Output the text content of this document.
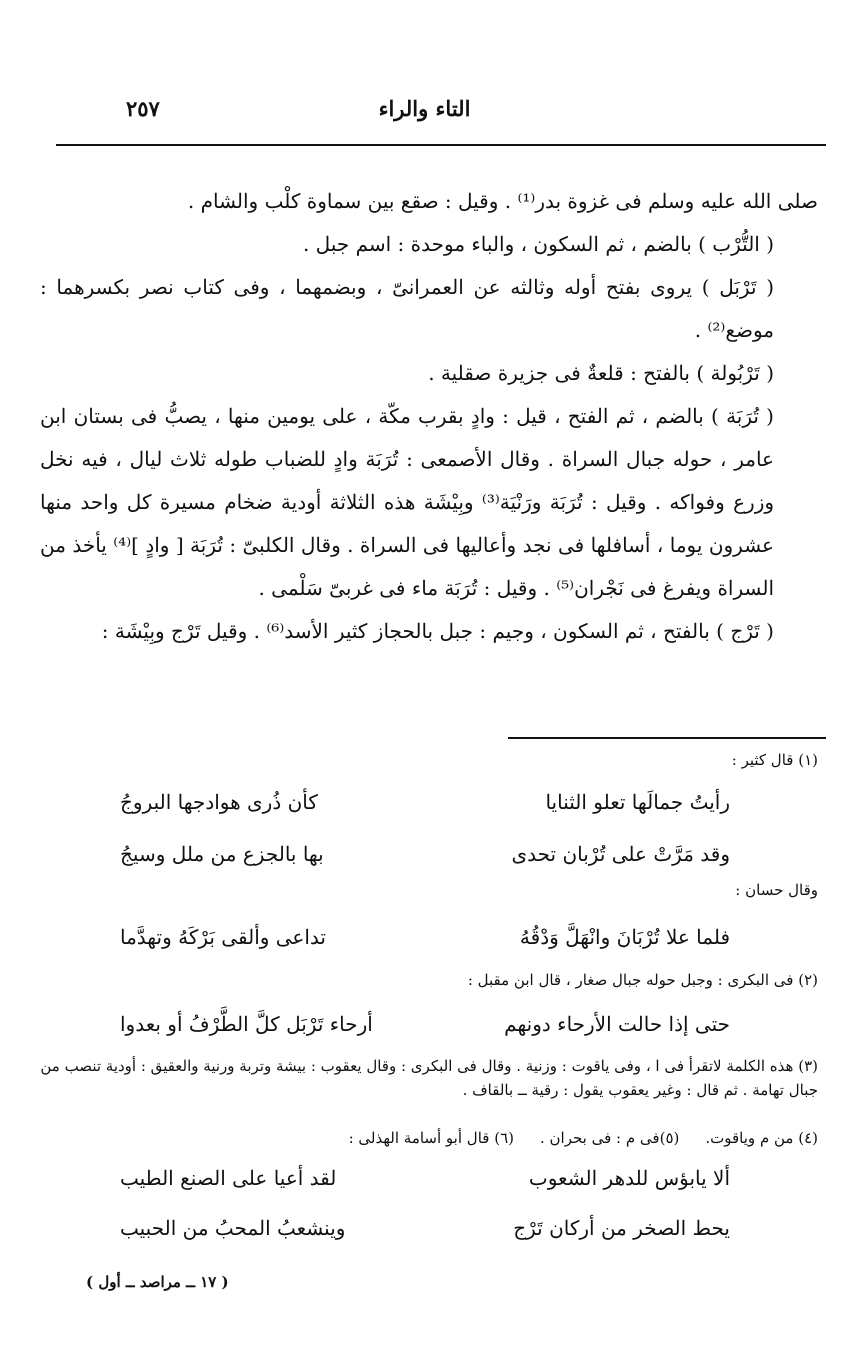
التاء والراء
٢٥٧

صلى الله عليه وسلم فى غزوة بدر⁽¹⁾ . وقيل : صقع بين سماوة كلْب والشام .

( التُّرْب ) بالضم ، ثم السكون ، والباء موحدة : اسم جبل .

( تَرْبَل ) يروى بفتح أوله وثالثه عن العمرانىّ ، وبضمهما ، وفى كتاب نصر بكسرهما : موضع⁽²⁾ .

( تَرْبُولة ) بالفتح : قلعةٌ فى جزيرة صقلية .

( تُرَبَة ) بالضم ، ثم الفتح ، قيل : وادٍ بقرب مكّة ، على يومين منها ، يصبُّ فى بستان ابن عامر ، حوله جبال السراة . وقال الأصمعى : تُرَبَة وادٍ للضباب طوله ثلاث ليال ، فيه نخل وزرع وفواكه . وقيل : تُرَبَة ورَنْيَة⁽³⁾ وبِيْشَة هذه الثلاثة أودية ضخام مسيرة كل واحد منها عشرون يوما ، أسافلها فى نجد وأعاليها فى السراة . وقال الكلبىّ : تُرَبَة [ وادٍ ]⁽⁴⁾ يأخذ من السراة ويفرغ فى نَجْران⁽⁵⁾ . وقيل : تُرَبَة ماء فى غربىّ سَلْمى .

( تَرْج ) بالفتح ، ثم السكون ، وجيم : جبل بالحجاز كثير الأسد⁽⁶⁾ . وقيل تَرْج وبِيْشَة :

(١) قال كثير :
رأيتُ جمالَها تعلو الثنايا
كأن ذُرى هوادجها البروجُ
وقد مَرَّتْ على تُرْبان تحدى
بها بالجزع من ملل وسيجُ
وقال حسان :
فلما علا تُرْبَانَ وانْهَلَّ وَدْقُهُ
تداعى وألقى بَرْكَهُ وتهدَّما
(٢) فى البكرى : وجبل حوله جبال صغار ، قال ابن مقبل :
حتى إذا حالت الأرحاء دونهم
أرحاء تَرْبَل كلَّ الطَّرْفُ أو بعدوا
(٣) هذه الكلمة لاتقرأ فى ا ، وفى ياقوت : وزنية . وقال فى البكرى : وقال يعقوب : بيشة وتربة ورنية والعقيق : أودية تنصب من جبال تهامة . ثم قال : وغير يعقوب يقول : رقية ــ بالقاف .
(٤) من م وياقوت.
(٥)فى م : فى بحران .
(٦) قال أبو أسامة الهذلى :
ألا يابؤس للدهر الشعوب
لقد أعيا على الصنع الطيب
يحط الصخر من أركان تَرْج
وينشعبُ المحبُ من الحبيب
( ١٧ ــ مراصد ــ أول )
